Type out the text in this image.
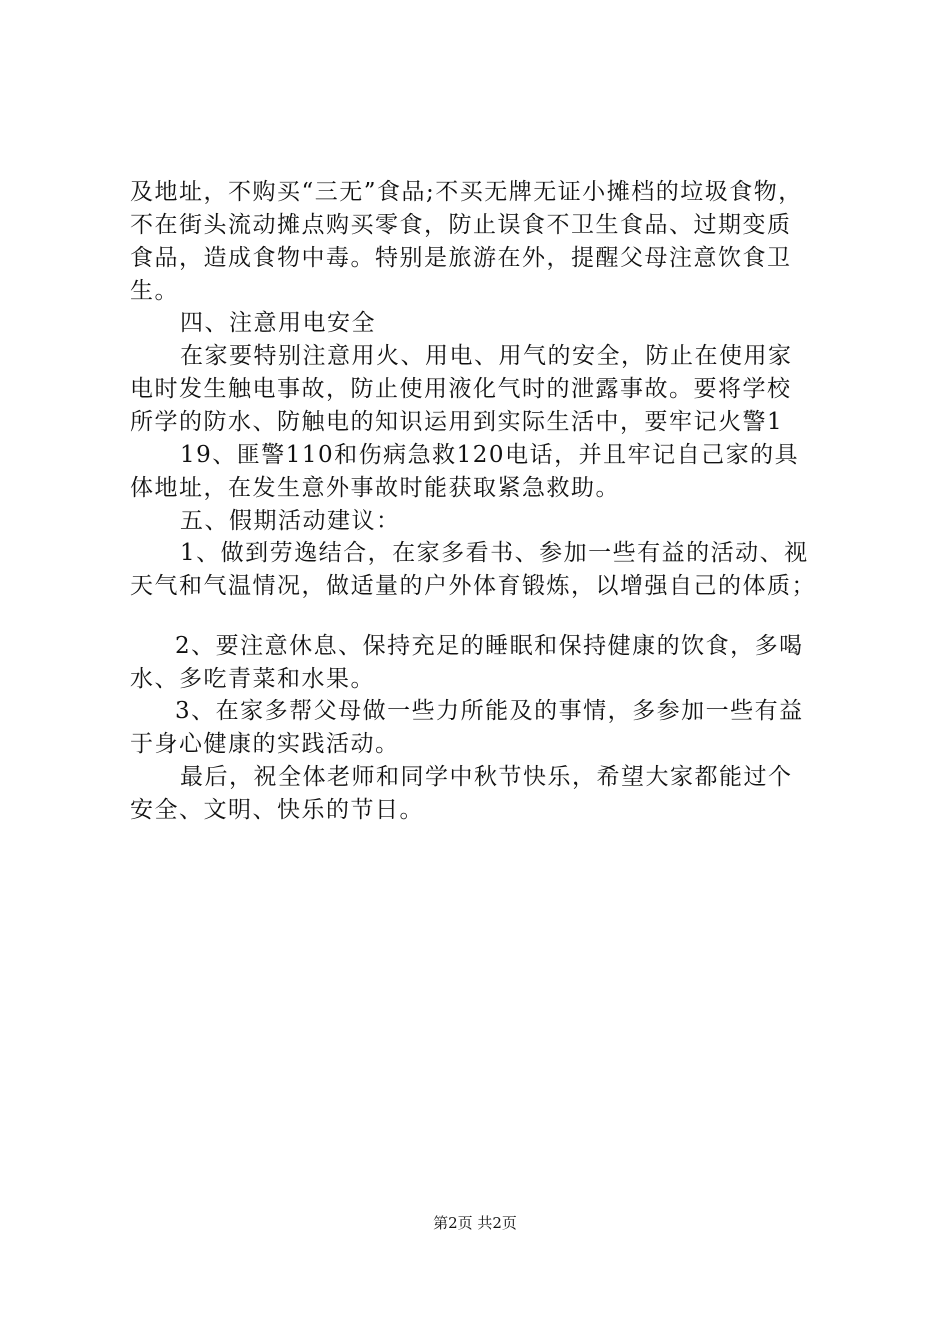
及地址，不购买“三无”食品;不买无牌无证小摊档的垃圾食物，
不在街头流动摊点购买零食，防止误食不卫生食品、过期变质
食品，造成食物中毒。特别是旅游在外，提醒父母注意饮食卫
生。
四、注意用电安全
在家要特别注意用火、用电、用气的安全，防止在使用家
电时发生触电事故，防止使用液化气时的泄露事故。要将学校
所学的防水、防触电的知识运用到实际生活中，要牢记火警1
19、匪警110和伤病急救120电话，并且牢记自己家的具
体地址，在发生意外事故时能获取紧急救助。
五、假期活动建议：
1、做到劳逸结合，在家多看书、参加一些有益的活动、视
天气和气温情况，做适量的户外体育锻炼，以增强自己的体质；
2、要注意休息、保持充足的睡眠和保持健康的饮食，多喝
水、多吃青菜和水果。
3、在家多帮父母做一些力所能及的事情，多参加一些有益
于身心健康的实践活动。
最后，祝全体老师和同学中秋节快乐，希望大家都能过个
安全、文明、快乐的节日。
第2页 共2页
